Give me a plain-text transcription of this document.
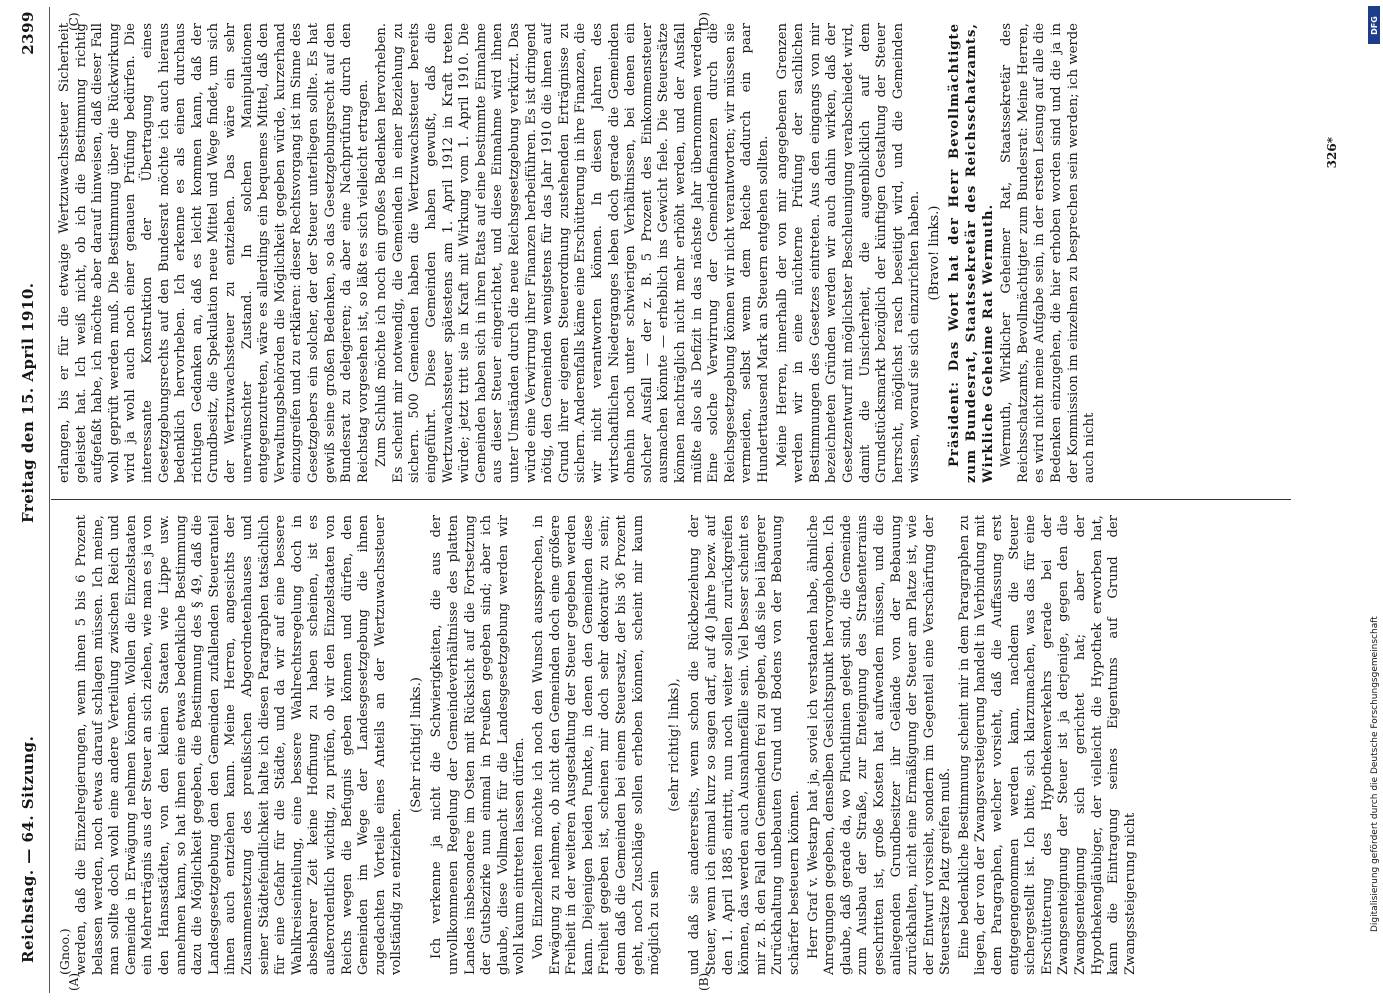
Reichstag. — 64. Sitzung.
Freitag den 15. April 1910.
2399
(A)	(B)
(C)	(D)

(Gnoo.) werden, daß die Einzelregierungen, wenn ihnen 5 bis 6 Prozent belassen werden, noch etwas darauf schlagen müssen. Ich meine, man sollte doch wohl eine andere Verteilung zwischen Reich und Gemeinde in Erwägung nehmen können. Wollen die Einzelstaaten ein Mehrerträgnis aus der Steuer an sich ziehen, wie man es ja von den Hansastädten, von den kleinen Staaten wie Lippe usw. annehmen kann, so hat ihnen eine etwas bedenkliche Bestimmung dazu die Möglichkeit gegeben, die Bestimmung des § 49, daß die Landesgesetzgebung den den Gemeinden zufallenden Steueranteil ihnen auch entziehen kann. Meine Herren, angesichts der Zusammensetzung des preußischen Abgeordnetenhauses und seiner Städtefeindlichkeit halte ich diesen Paragraphen tatsächlich für eine Gefahr für die Städte, und da wir auf eine bessere Wahlkreiseinteilung, eine bessere Wahlrechtsregelung doch in absehbarer Zeit keine Hoffnung zu haben scheinen, ist es außerordentlich wichtig, zu prüfen, ob wir den Einzelstaaten von Reichs wegen die Befugnis geben können und dürfen, den Gemeinden im Wege der Landesgesetzgebung die ihnen zugedachten Vorteile eines Anteils an der Wertzuwachssteuer vollständig zu entziehen.

(Sehr richtig! links.) Ich verkenne ja nicht die Schwierigkeiten, die aus der unvollkommenen Regelung der Gemeindeverhältnisse des platten Landes insbesondere im Osten mit Rücksicht auf die Fortsetzung der Gutsbezirke nun einmal in Preußen gegeben sind; aber ich glaube, diese Vollmacht für die Landesgesetzgebung werden wir wohl kaum eintreten lassen dürfen. Von Einzelheiten möchte ich noch den Wunsch aussprechen, in Erwägung zu nehmen, ob nicht den Gemeinden doch eine größere Freiheit in der weiteren Ausgestaltung der Steuer gegeben werden kann. Diejenigen beiden Punkte, in denen den Gemeinden diese Freiheit gegeben ist, scheinen mir doch sehr dekorativ zu sein; denn daß die Gemeinden bei einem Steuersatz, der bis 36 Prozent geht, noch Zuschläge sollen erheben können, scheint mir kaum möglich zu sein

(sehr richtig! links), und daß sie andererseits, wenn schon die Rückbeziehung der Steuer, wenn ich einmal kurz so sagen darf, auf 40 Jahre bezw. auf den 1. April 1885 eintritt, nun noch weiter sollen zurückgreifen können, das werden auch Ausnahmefälle sein. Viel besser scheint es mir z. B. den Fall den Gemeinden frei zu geben, daß sie bei längerer Zurückhaltung unbebauten Grund und Bodens von der Bebauung schärfer besteuern können. Herr Graf v. Westarp hat ja, soviel ich verstanden habe, ähnliche Anregungen gegeben, denselben Gesichtspunkt hervorgehoben. Ich glaube, daß gerade da, wo Fluchtlinien gelegt sind, die Gemeinde zum Ausbau der Straße, zur Enteignung des Straßenterrains geschritten ist, große Kosten hat aufwenden müssen, und die anliegenden Grundbesitzer ihr Gelände von der Bebauung zurückhalten, nicht eine Ermäßigung der Steuer am Platze ist, wie der Entwurf vorsieht, sondern im Gegenteil eine Verschärfung der Steuersätze Platz greifen muß. Eine bedenkliche Bestimmung scheint mir in dem Paragraphen zu liegen, der von der Zwangsversteigerung handelt in Verbindung mit dem Paragraphen, welcher vorsieht, daß die Auffassung erst entgegengenommen werden kann, nachdem die Steuer sichergestellt ist. Ich bitte, sich klarzumachen, was das für eine Erschütterung des Hypothekenverkehrs gerade bei der Zwangsenteignung der Steuer ist ja derjenige, gegen den die Zwangsenteignung sich gerichtet hat; aber der Hypothekengläubiger, der vielleicht die Hypothek erworben hat, kann die Eintragung seines Eigentums auf Grund der Zwangssteigerung nicht

erlangen, bis er für die etwaige Wertzuwachssteuer Sicherheit geleistet hat. Ich weiß nicht, ob ich die Bestimmung richtig aufgefaßt habe, ich möchte aber darauf hinweisen, daß dieser Fall wohl geprüft werden muß. Die Bestimmung über die Rückwirkung wird ja wohl auch noch einer genauen Prüfung bedürfen. Die interessante Konstruktion der Übertragung eines Gesetzgebungsrechts auf den Bundesrat möchte ich auch hieraus bedenklich hervorheben. Ich erkenne es als einen durchaus richtigen Gedanken an, daß es leicht kommen kann, daß der Grundbesitz, die Spekulation neue Mittel und Wege findet, um sich der Wertzuwachssteuer zu entziehen. Das wäre ein sehr unerwünschter Zustand. In solchen Manipulationen entgegenzutreten, wäre es allerdings ein bequemes Mittel, daß den Verwaltungsbehörden die Möglichkeit gegeben würde, kurzerhand einzugreifen und zu erklären: dieser Rechtsvorgang ist im Sinne des Gesetzgebers ein solcher, der der Steuer unterliegen sollte. Es hat gewiß seine großen Bedenken, so das Gesetzgebungsrecht auf den Bundesrat zu delegieren; da aber eine Nachprüfung durch den Reichstag vorgesehen ist, so läßt es sich vielleicht ertragen. Zum Schluß möchte ich noch ein großes Bedenken hervorheben. Es scheint mir notwendig, die Gemeinden in einer Beziehung zu sichern. 500 Gemeinden haben die Wertzuwachssteuer bereits eingeführt. Diese Gemeinden haben gewußt, daß die Wertzuwachssteuer spätestens am 1. April 1912 in Kraft treten würde; jetzt tritt sie in Kraft mit Wirkung vom 1. April 1910. Die Gemeinden haben sich in ihren Etats auf eine bestimmte Einnahme aus dieser Steuer eingerichtet, und diese Einnahme wird ihnen unter Umständen durch die neue Reichsgesetzgebung verkürzt. Das würde eine Verwirrung ihrer Finanzen herbeiführen. Es ist dringend nötig, den Gemeinden wenigstens für das Jahr 1910 die ihnen auf Grund ihrer eigenen Steuerordnung zustehenden Erträgnisse zu sichern. Anderenfalls käme eine Erschütterung in ihre Finanzen, die wir nicht verantworten können. In diesen Jahren des wirtschaftlichen Niederganges leben doch gerade die Gemeinden ohnehin noch unter schwierigen Verhältnissen, bei denen ein solcher Ausfall — der z. B. 5 Prozent des Einkommensteuer ausmachen könnte — erheblich ins Gewicht fiele. Die Steuersätze können nachträglich nicht mehr erhöht werden, und der Ausfall müßte also als Defizit in das nächste Jahr übernommen werden. Eine solche Verwirrung der Gemeindefinanzen durch die Reichsgesetzgebung können wir nicht verantworten; wir müssen sie vermeiden, selbst wenn dem Reiche dadurch ein paar Hunderttausend Mark an Steuern entgehen sollten. Meine Herren, innerhalb der von mir angegebenen Grenzen werden wir in eine nüchterne Prüfung der sachlichen Bestimmungen des Gesetzes eintreten. Aus den eingangs von mir bezeichneten Gründen werden wir auch dahin wirken, daß der Gesetzentwurf mit möglichster Beschleunigung verabschiedet wird, damit die Unsicherheit, die augenblicklich auf dem Grundstücksmarkt bezüglich der künftigen Gestaltung der Steuer herrscht, möglichst rasch beseitigt wird, und die Gemeinden wissen, worauf sie sich einzurichten haben. (Bravo! links.) Präsident: Das Wort hat der Herr Bevollmächtigte zum Bundesrat, Staatssekretär des Reichsschatzamts, Wirkliche Geheime Rat Wermuth. Wermuth, Wirklicher Geheimer Rat, Staatssekretär des Reichsschatzamts, Bevollmächtigter zum Bundesrat: Meine Herren, es wird nicht meine Aufgabe sein, in der ersten Lesung auf alle die Bedenken einzugehen, die hier erhoben worden sind und die ja in der Kommission im einzelnen zu besprechen sein werden; ich werde auch nicht

326*
DFG
Digitalisierung gefördert durch die Deutsche Forschungsgemeinschaft
